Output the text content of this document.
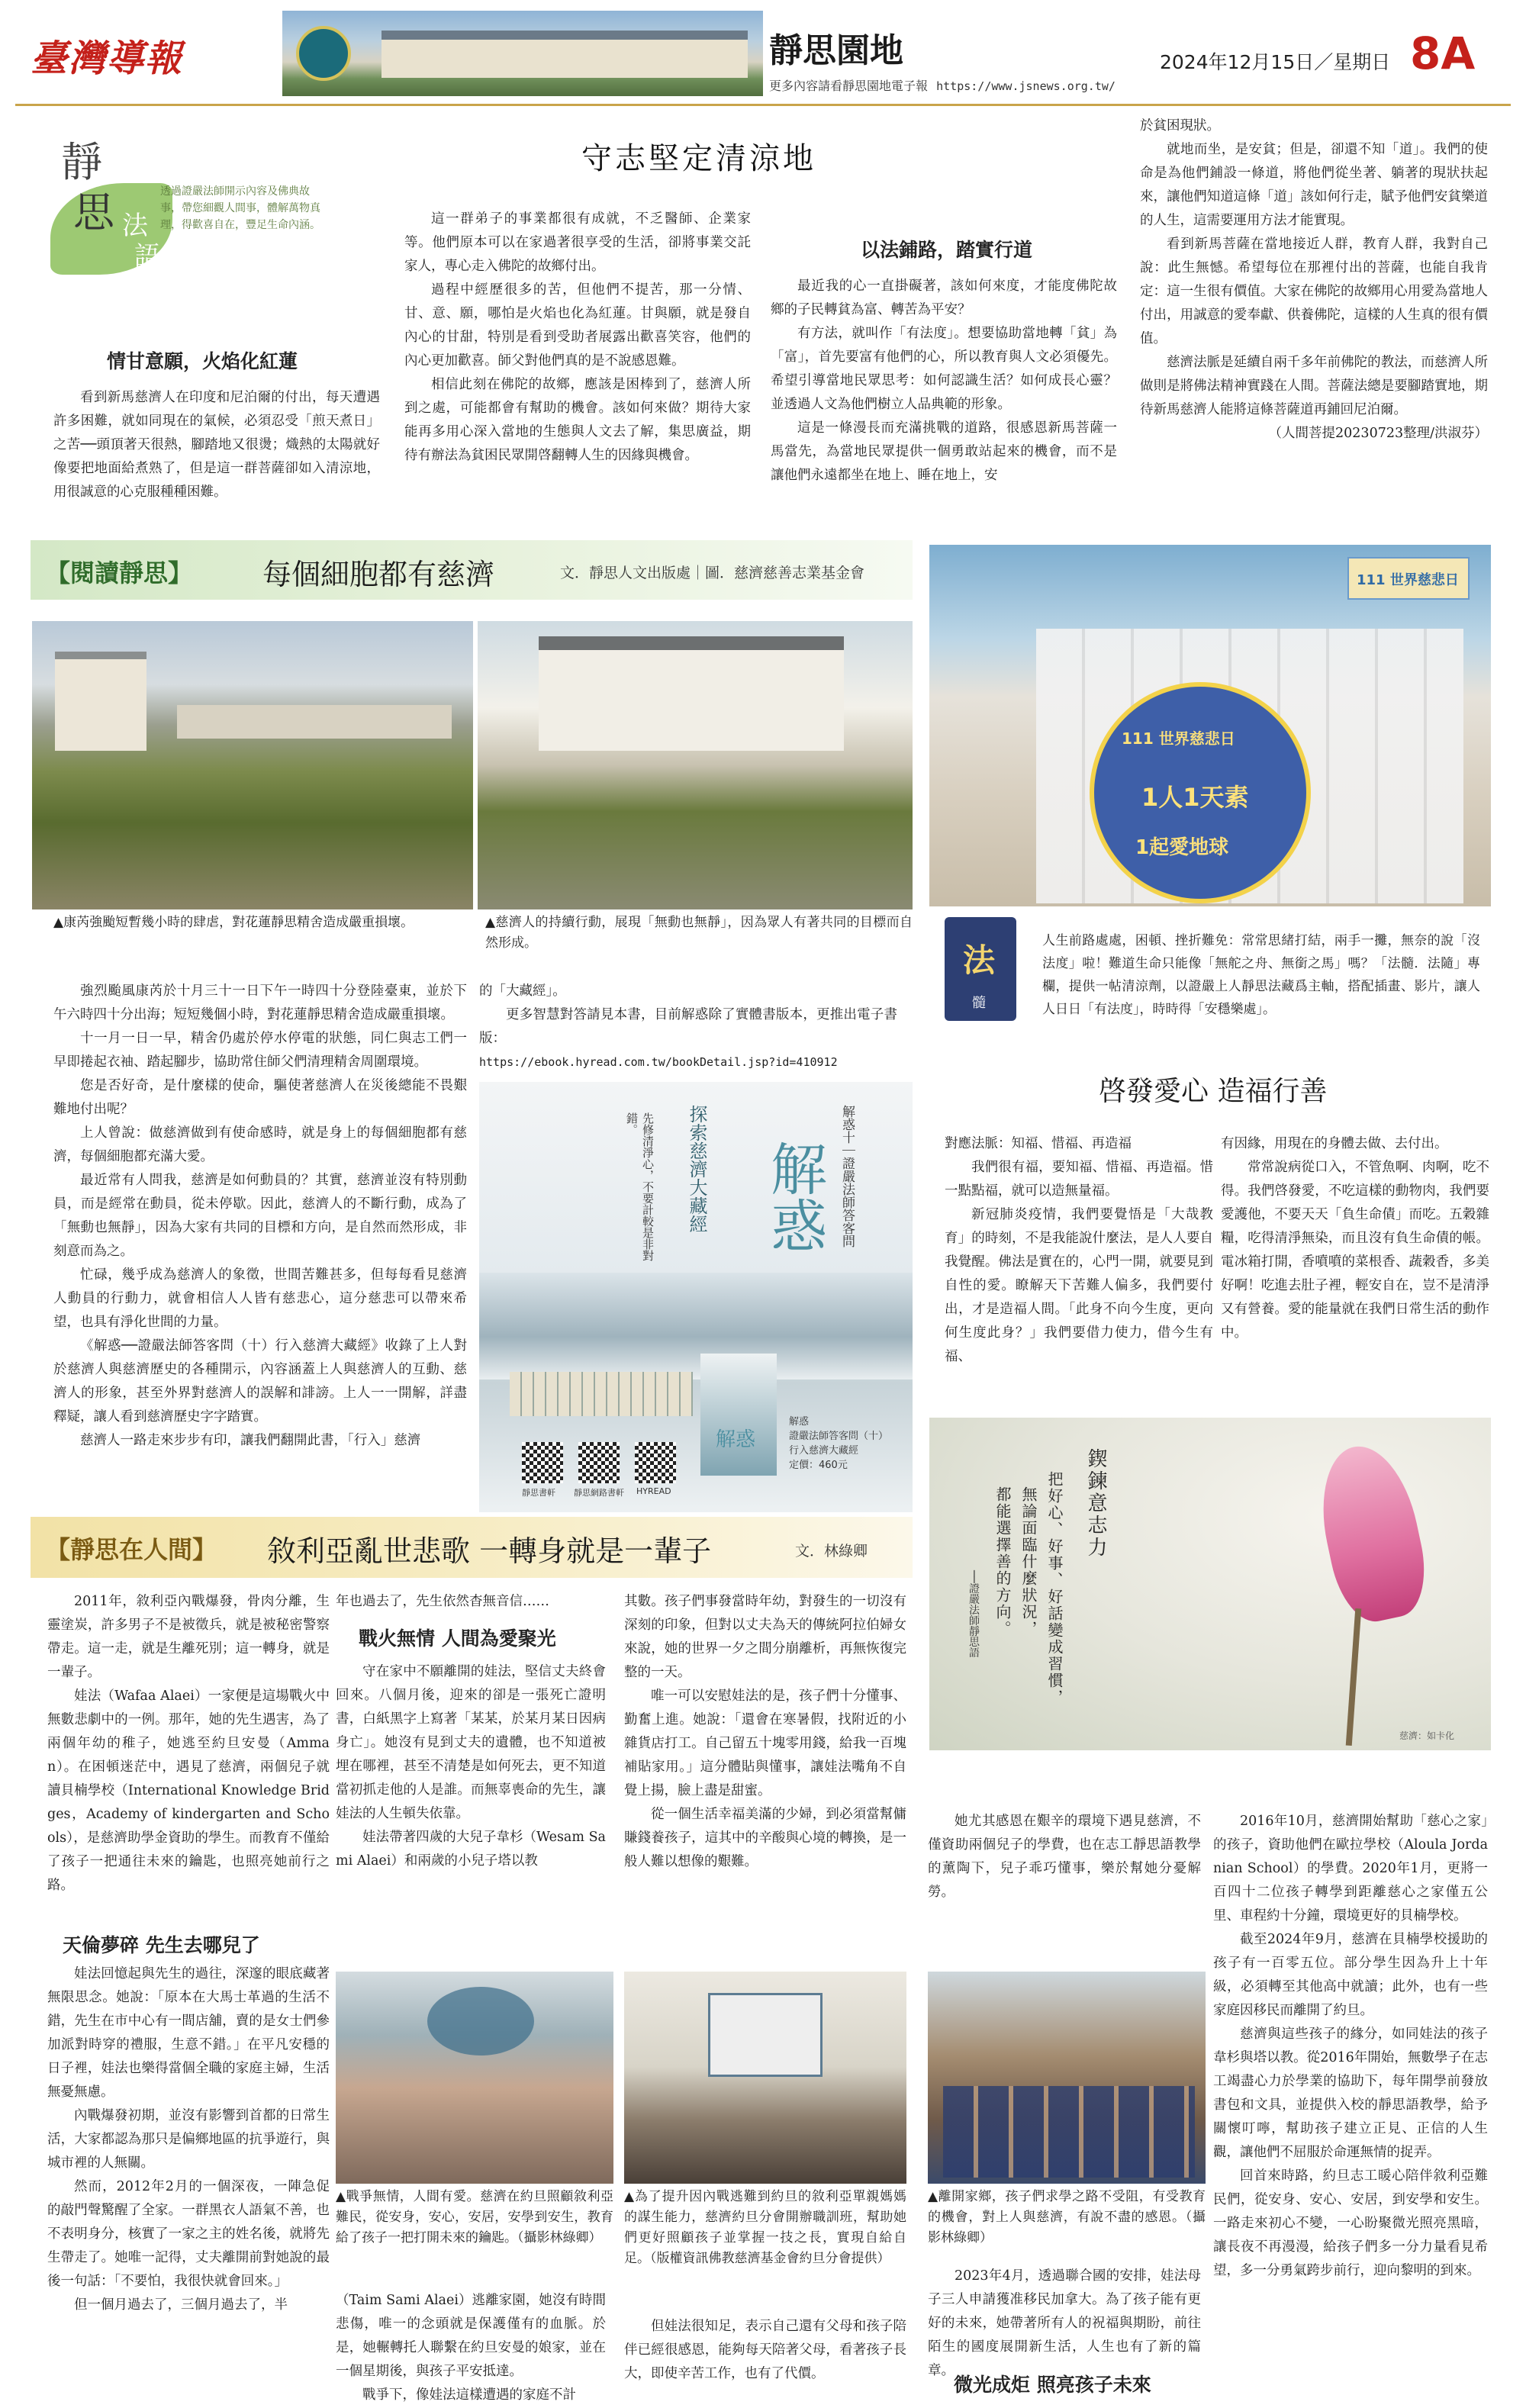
臺灣導報	靜思園地
更多內容請看靜思園地電子報 https://www.jsnews.org.tw/
2024年12月15日／星期日 8A
靜
思 法
語
透過證嚴法師開示內容及佛典故事，帶您細觀人間事，體解萬物真理，得歡喜自在，豐足生命內涵。
守志堅定清涼地
情甘意願，火焰化紅蓮

看到新馬慈濟人在印度和尼泊爾的付出，每天遭遇許多困難，就如同現在的氣候，必須忍受「煎天煮日」之苦──頭頂著天很熱，腳踏地又很燙；熾熱的太陽就好像要把地面給煮熟了，但是這一群菩薩卻如入清涼地，用很誠意的心克服種種困難。

這一群弟子的事業都很有成就，不乏醫師、企業家等。他們原本可以在家過著很享受的生活，卻將事業交託家人，專心走入佛陀的故鄉付出。

過程中經歷很多的苦，但他們不提苦，那一分情、甘、意、願，哪怕是火焰也化為紅蓮。甘與願，就是發自內心的甘甜，特別是看到受助者展露出歡喜笑容，他們的內心更加歡喜。師父對他們真的是不說感恩難。

相信此刻在佛陀的故鄉，應該是困棒到了，慈濟人所到之處，可能都會有幫助的機會。該如何來做？期待大家能再多用心深入當地的生態與人文去了解，集思廣益，期待有辦法為貧困民眾開啓翻轉人生的因緣與機會。

以法鋪路，踏實行道

最近我的心一直掛礙著，該如何來度，才能度佛陀故鄉的子民轉貧為富、轉苦為平安？

有方法，就叫作「有法度」。想要協助當地轉「貧」為「富」，首先要富有他們的心，所以教育與人文必須優先。希望引導當地民眾思考：如何認識生活？如何成長心靈？並透過人文為他們樹立人品典範的形象。

這是一條漫長而充滿挑戰的道路，很感恩新馬菩薩一馬當先，為當地民眾提供一個勇敢站起來的機會，而不是讓他們永遠都坐在地上、睡在地上，安

於貧困現狀。

就地而坐，是安貧；但是，卻還不知「道」。我們的使命是為他們鋪設一條道，將他們從坐著、躺著的現狀扶起來，讓他們知道這條「道」該如何行走，賦予他們安貧樂道的人生，這需要運用方法才能實現。

看到新馬菩薩在當地接近人群，教育人群，我對自己說：此生無憾。希望每位在那裡付出的菩薩，也能自我肯定：這一生很有價值。大家在佛陀的故鄉用心用愛為當地人付出，用誠意的愛奉獻、供養佛陀，這樣的人生真的很有價值。

慈濟法脈是延續自兩千多年前佛陀的教法，而慈濟人所做則是將佛法精神實踐在人間。菩薩法總是要腳踏實地，期待新馬慈濟人能將這條菩薩道再鋪回尼泊爾。

（人間菩提20230723整理/洪淑芬）
【閱讀靜思】 每個細胞都有慈濟	文．靜思人文出版處｜圖．慈濟慈善志業基金會
▲康芮強颱短暫幾小時的肆虐，對花蓮靜思精舍造成嚴重損壞。	▲慈濟人的持續行動，展現「無動也無靜」，因為眾人有著共同的目標而自然形成。

強烈颱風康芮於十月三十一日下午一時四十分登陸臺東，並於下午六時四十分出海；短短幾個小時，對花蓮靜思精舍造成嚴重損壞。

十一月一日一早，精舍仍處於停水停電的狀態，同仁與志工們一早即捲起衣袖、踏起腳步，協助常住師父們清理精舍周圍環境。

您是否好奇，是什麼樣的使命，驅使著慈濟人在災後總能不畏艱難地付出呢？

上人曾說：做慈濟做到有使命感時，就是身上的每個細胞都有慈濟，每個細胞都充滿大愛。

最近常有人問我，慈濟是如何動員的？其實，慈濟並沒有特別動員，而是經常在動員，從未停歇。因此，慈濟人的不斷行動，成為了「無動也無靜」，因為大家有共同的目標和方向，是自然而然形成，非刻意而為之。

忙碌，幾乎成為慈濟人的象徵，世間苦難甚多，但每每看見慈濟人動員的行動力，就會相信人人皆有慈悲心，這分慈悲可以帶來希望，也具有淨化世間的力量。

《解惑──證嚴法師答客問（十）行入慈濟大藏經》收錄了上人對於慈濟人與慈濟歷史的各種開示，內容涵蓋上人與慈濟人的互動、慈濟人的形象，甚至外界對慈濟人的誤解和誹謗。上人一一開解，詳盡釋疑，讓人看到慈濟歷史字字踏實。

慈濟人一路走來步步有印，讓我們翻開此書，「行入」慈濟

的「大藏經」。

更多智慧對答請見本書，目前解惑除了實體書版本，更推出電子書版：

https://ebook.hyread.com.tw/bookDetail.jsp?id=410912
解惑 解惑十｜證嚴法師答客問
探索慈濟大藏經
先修清淨心，不要計較是非對錯。
解惑
解惑
證嚴法師答客問（十）
行入慈濟大藏經
定價：460元
靜思書軒 靜思網路書軒 HYREAD
111 世界慈悲日
111 世界慈悲日
1人1天素
1起愛地球
法
髓
人生前路處處，困頓、挫折難免：常常思緒打結，兩手一攤，無奈的說「沒法度」啦！難道生命只能像「無舵之舟、無銜之馬」嗎？「法髓．法隨」專欄，提供一帖清涼劑，以證嚴上人靜思法藏爲主軸，搭配插畫、影片，讓人人日日「有法度」，時時得「安穩樂處」。
啓發愛心 造福行善
對應法脈：知福、惜福、再造福

我們很有福，要知福、惜福、再造福。惜一點點福，就可以造無量福。

新冠肺炎疫情，我們要覺悟是「大哉教育」的時刻，不是我能說什麼法，是人人要自我覺醒。佛法是實在的，心門一開，就要見到自性的愛。瞭解天下苦難人偏多，我們要付出，才是造福人間。「此身不向今生度，更向何生度此身？」我們要借力使力，借今生有福、

有因緣，用現在的身體去做、去付出。

常常說病從口入，不管魚啊、肉啊，吃不得。我們啓發愛，不吃這樣的動物肉，我們要愛護他，不要天天「負生命債」而吃。五穀雜糧，吃得清淨無染，而且沒有負生命債的帳。電冰箱打開，香噴噴的菜根香、蔬穀香，多美好啊！吃進去肚子裡，輕安自在，豈不是清淨又有營養。愛的能量就在我們日常生活的動作中。

鍥鍊意志力
把好心、好事、好話變成習慣，
無論面臨什麼狀況，
都能選擇善的方向。
──證嚴法師靜思語
慈濟：如卡化
【靜思在人間】 敘利亞亂世悲歌 一轉身就是一輩子	文．林綠卿

2011年，敘利亞內戰爆發，骨肉分離，生靈塗炭，許多男子不是被徵兵，就是被秘密警察帶走。這一走，就是生離死別；這一轉身，就是一輩子。

娃法（Wafaa Alaei）一家便是這場戰火中無數悲劇中的一例。那年，她的先生遇害，為了兩個年幼的稚子，她逃至約旦安曼（Amman）。在困頓迷茫中，遇見了慈濟，兩個兒子就讀貝楠學校（International Knowledge Bridges，Academy of kindergarten and Schools），是慈濟助學金資助的學生。而教育不僅給了孩子一把通往未來的鑰匙，也照亮她前行之路。

天倫夢碎 先生去哪兒了

娃法回憶起與先生的過往，深邃的眼底藏著無限思念。她說：「原本在大馬士革過的生活不錯，先生在市中心有一間店舖，賣的是女士們參加派對時穿的禮服，生意不錯。」在平凡安穩的日子裡，娃法也樂得當個全職的家庭主婦，生活無憂無慮。

內戰爆發初期，並沒有影響到首都的日常生活，大家都認為那只是偏鄉地區的抗爭遊行，與城市裡的人無關。

然而，2012年2月的一個深夜，一陣急促的敲門聲驚醒了全家。一群黑衣人語氣不善，也不表明身分，核實了一家之主的姓名後，就將先生帶走了。她唯一記得，丈夫離開前對她說的最後一句話：「不要怕，我很快就會回來。」

但一個月過去了，三個月過去了，半

年也過去了，先生依然杳無音信……
戰火無情 人間為愛聚光

守在家中不願離開的娃法，堅信丈夫終會回來。八個月後，迎來的卻是一張死亡證明書，白紙黑字上寫著「某某，於某月某日因病身亡」。她沒有見到丈夫的遺體，也不知道被埋在哪裡，甚至不清楚是如何死去，更不知道當初抓走他的人是誰。而無辜喪命的先生，讓娃法的人生頓失依靠。

娃法帶著四歲的大兒子韋杉（Wesam Sami Alaei）和兩歲的小兒子塔以教

其數。孩子們事發當時年幼，對發生的一切沒有深刻的印象，但對以丈夫為天的傳統阿拉伯婦女來說，她的世界一夕之間分崩離析，再無恢復完整的一天。

唯一可以安慰娃法的是，孩子們十分懂事、勤奮上進。她說：「還會在寒暑假，找附近的小雜貨店打工。自己留五十塊零用錢，給我一百塊補貼家用。」這分體貼與懂事，讓娃法嘴角不自覺上揚，臉上盡是甜蜜。

從一個生活幸福美滿的少婦，到必須當幫傭賺錢養孩子，這其中的辛酸與心境的轉換，是一般人難以想像的艱難。

她尤其感恩在艱辛的環境下遇見慈濟，不僅資助兩個兒子的學費，也在志工靜思語教學的薰陶下，兒子乖巧懂事，樂於幫她分憂解勞。

2016年10月，慈濟開始幫助「慈心之家」的孩子，資助他們在歐拉學校（Aloula Jordanian School）的學費。2020年1月，更將一百四十二位孩子轉學到距離慈心之家僅五公里、車程約十分鐘，環境更好的貝楠學校。

截至2024年9月，慈濟在貝楠學校援助的孩子有一百零五位。部分學生因為升上十年級，必須轉至其他高中就讀；此外，也有一些家庭因移民而離開了約旦。

慈濟與這些孩子的緣分，如同娃法的孩子韋杉與塔以教。從2016年開始，無數學子在志工竭盡心力於學業的協助下，每年開學前發放書包和文具，並提供入校的靜思語教學，給予關懷叮嚀，幫助孩子建立正見、正信的人生觀，讓他們不屈服於命運無情的捉弄。

回首來時路，約旦志工暖心陪伴敘利亞難民們，從安身、安心、安居，到安學和安生。一路走來初心不變，一心盼聚微光照亮黑暗，讓長夜不再漫漫，給孩子們多一分力量看見希望，多一分勇氣跨步前行，迎向黎明的到來。

▲戰爭無情，人間有愛。慈濟在約旦照顧敘利亞難民，從安身，安心，安居，安學到安生，教育給了孩子一把打開未來的鑰匙。（攝影林綠卿）
（Taim Sami Alaei）逃離家園，她沒有時間悲傷，唯一的念頭就是保護僅有的血脈。於是，她輾轉托人聯繫在約旦安曼的娘家，並在一個星期後，與孩子平安抵達。

戰爭下，像娃法這樣遭遇的家庭不計

▲為了提升因內戰逃難到約旦的敘利亞單親媽媽的謀生能力，慈濟約旦分會開辦職訓班，幫助她們更好照顧孩子並掌握一技之長，實現自給自足。（版權資訊佛教慈濟基金會約旦分會提供）

但娃法很知足，表示自己還有父母和孩子陪伴已經很感恩，能夠每天陪著父母，看著孩子長大，即使辛苦工作，也有了代價。

▲離開家鄉，孩子們求學之路不受阻，有受教育的機會，對上人與慈濟，有說不盡的感恩。（攝影林綠卿）

2023年4月，透過聯合國的安排，娃法母子三人申請獲准移民加拿大。為了孩子能有更好的未來，她帶著所有人的祝福與期盼，前往陌生的國度展開新生活，人生也有了新的篇章。

微光成炬 照亮孩子未來
